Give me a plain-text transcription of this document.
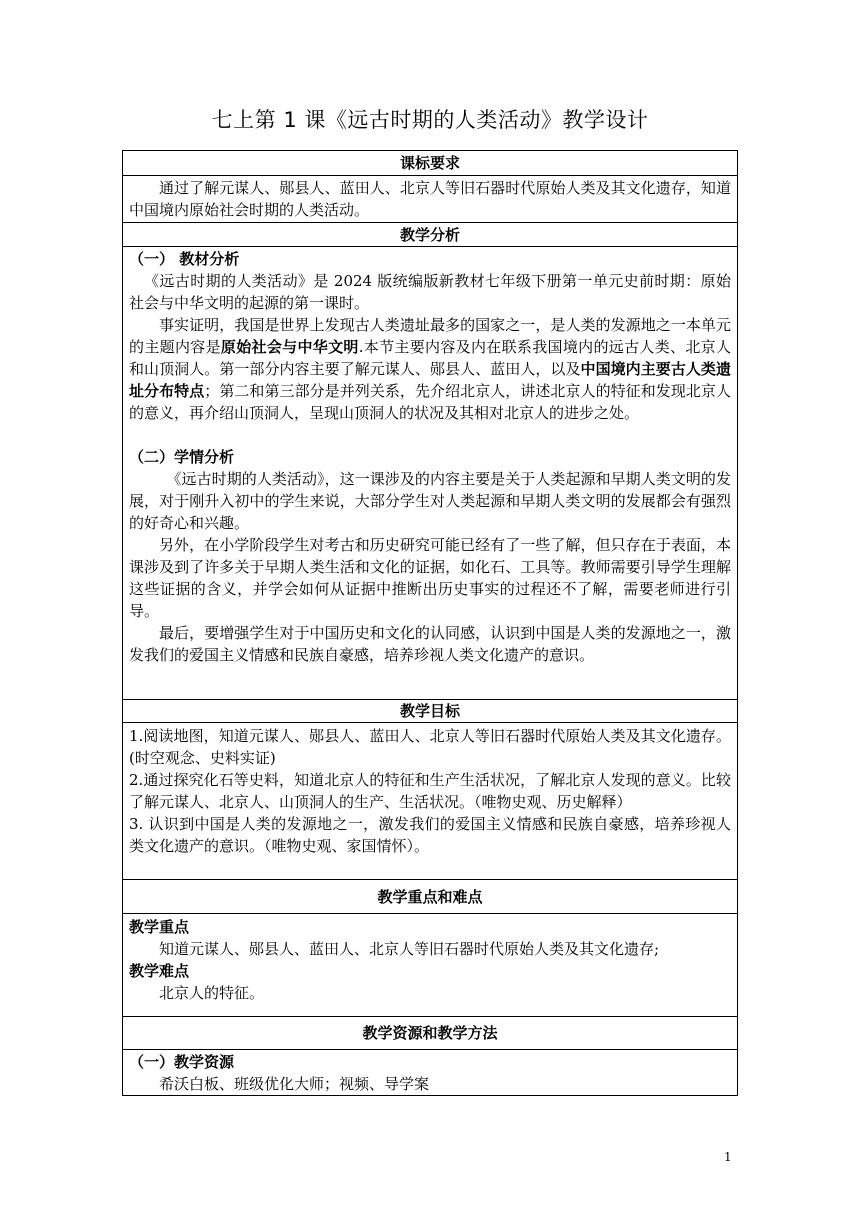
七上第 1 课《远古时期的人类活动》教学设计
课标要求

通过了解元谋人、郧县人、蓝田人、北京人等旧石器时代原始人类及其文化遗存，知道中国境内原始社会时期的人类活动。

教学分析

（一） 教材分析

《远古时期的人类活动》是 2024 版统编版新教材七年级下册第一单元史前时期：原始社会与中华文明的起源的第一课时。

事实证明，我国是世界上发现古人类遗址最多的国家之一，是人类的发源地之一本单元的主题内容是原始社会与中华文明.本节主要内容及内在联系我国境内的远古人类、北京人和山顶洞人。第一部分内容主要了解元谋人、郧县人、蓝田人，以及中国境内主要古人类遗址分布特点；第二和第三部分是并列关系，先介绍北京人，讲述北京人的特征和发现北京人的意义，再介绍山顶洞人，呈现山顶洞人的状况及其相对北京人的进步之处。

（二）学情分析

《远古时期的人类活动》，这一课涉及的内容主要是关于人类起源和早期人类文明的发展，对于刚升入初中的学生来说，大部分学生对人类起源和早期人类文明的发展都会有强烈的好奇心和兴趣。

另外，在小学阶段学生对考古和历史研究可能已经有了一些了解，但只存在于表面，本课涉及到了许多关于早期人类生活和文化的证据，如化石、工具等。教师需要引导学生理解这些证据的含义，并学会如何从证据中推断出历史事实的过程还不了解，需要老师进行引导。

最后，要增强学生对于中国历史和文化的认同感，认识到中国是人类的发源地之一，激发我们的爱国主义情感和民族自豪感，培养珍视人类文化遗产的意识。

教学目标

1.阅读地图，知道元谋人、郧县人、蓝田人、北京人等旧石器时代原始人类及其文化遗存。(时空观念、史料实证)

2.通过探究化石等史料，知道北京人的特征和生产生活状况，了解北京人发现的意义。比较了解元谋人、北京人、山顶洞人的生产、生活状况。（唯物史观、历史解释）

3. 认识到中国是人类的发源地之一，激发我们的爱国主义情感和民族自豪感，培养珍视人类文化遗产的意识。（唯物史观、家国情怀）。

教学重点和难点

教学重点

知道元谋人、郧县人、蓝田人、北京人等旧石器时代原始人类及其文化遗存;

教学难点

北京人的特征。

教学资源和教学方法

（一）教学资源

希沃白板、班级优化大师；视频、导学案

1
